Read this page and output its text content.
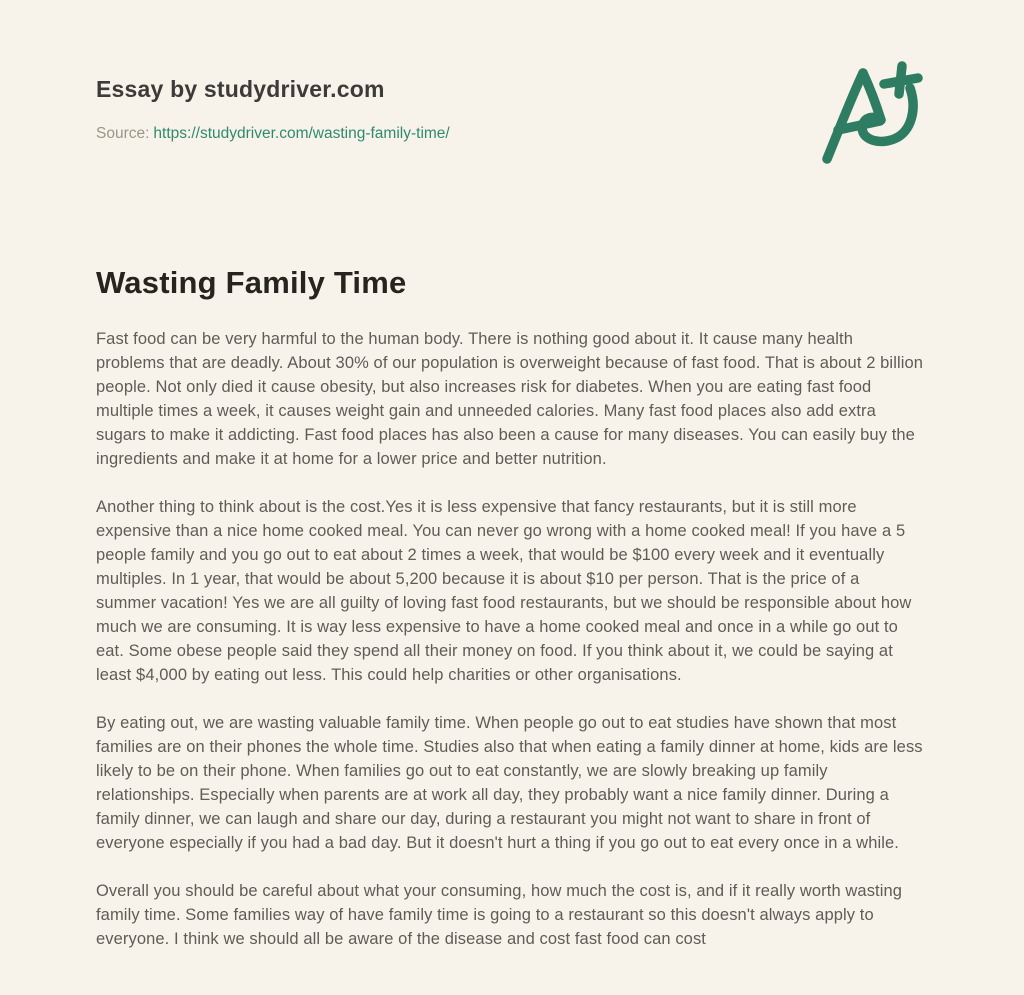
Essay by studydriver.com
Source: https://studydriver.com/wasting-family-time/
Wasting Family Time

Fast food can be very harmful to the human body. There is nothing good about it. It cause many health problems that are deadly. About 30% of our population is overweight because of fast food. That is about 2 billion people. Not only died it cause obesity, but also increases risk for diabetes. When you are eating fast food multiple times a week, it causes weight gain and unneeded calories. Many fast food places also add extra sugars to make it addicting. Fast food places has also been a cause for many diseases. You can easily buy the ingredients and make it at home for a lower price and better nutrition.

Another thing to think about is the cost.Yes it is less expensive that fancy restaurants, but it is still more expensive than a nice home cooked meal. You can never go wrong with a home cooked meal! If you have a 5 people family and you go out to eat about 2 times a week, that would be $100 every week and it eventually multiples. In 1 year, that would be about 5,200 because it is about $10 per person. That is the price of a summer vacation! Yes we are all guilty of loving fast food restaurants, but we should be responsible about how much we are consuming. It is way less expensive to have a home cooked meal and once in a while go out to eat. Some obese people said they spend all their money on food. If you think about it, we could be saying at least $4,000 by eating out less. This could help charities or other organisations.

By eating out, we are wasting valuable family time. When people go out to eat studies have shown that most families are on their phones the whole time. Studies also that when eating a family dinner at home, kids are less likely to be on their phone. When families go out to eat constantly, we are slowly breaking up family relationships. Especially when parents are at work all day, they probably want a nice family dinner. During a family dinner, we can laugh and share our day, during a restaurant you might not want to share in front of everyone especially if you had a bad day. But it doesn't hurt a thing if you go out to eat every once in a while.

Overall you should be careful about what your consuming, how much the cost is, and if it really worth wasting family time. Some families way of have family time is going to a restaurant so this doesn't always apply to everyone. I think we should all be aware of the disease and cost fast food can cost
